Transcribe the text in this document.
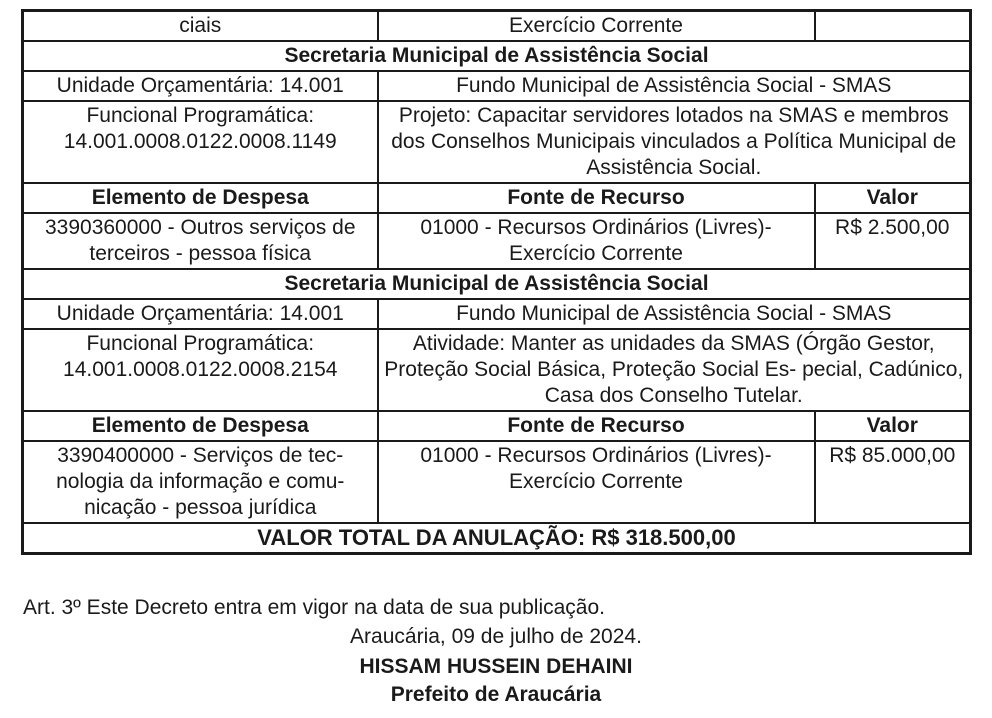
ciais	Exercício Corrente	
Secretaria Municipal de Assistência Social		
Unidade Orçamentária: 14.001	Fundo Municipal de Assistência Social - SMAS	
Funcional Programática: 14.001.0008.0122.0008.1149	Projeto: Capacitar servidores lotados na SMAS e membros dos Conselhos Municipais vinculados a Política Municipal de Assistência Social.	
Elemento de Despesa	Fonte de Recurso	Valor
3390360000 - Outros serviços de terceiros - pessoa física	01000 - Recursos Ordinários (Livres)- Exercício Corrente	R$ 2.500,00
Secretaria Municipal de Assistência Social		
Unidade Orçamentária: 14.001	Fundo Municipal de Assistência Social - SMAS	
Funcional Programática: 14.001.0008.0122.0008.2154	Atividade: Manter as unidades da SMAS (Órgão Gestor, Proteção Social Básica, Proteção Social Es- pecial, Cadúnico, Casa dos Conselho Tutelar.	
Elemento de Despesa	Fonte de Recurso	Valor
3390400000 - Serviços de tec- nologia da informação e comu- nicação - pessoa jurídica	01000 - Recursos Ordinários (Livres)- Exercício Corrente	R$ 85.000,00
VALOR TOTAL DA ANULAÇÃO: R$ 318.500,00		
Art. 3º Este Decreto entra em vigor na data de sua publicação.
Araucária, 09 de julho de 2024.
HISSAM HUSSEIN DEHAINI
Prefeito de Araucária
